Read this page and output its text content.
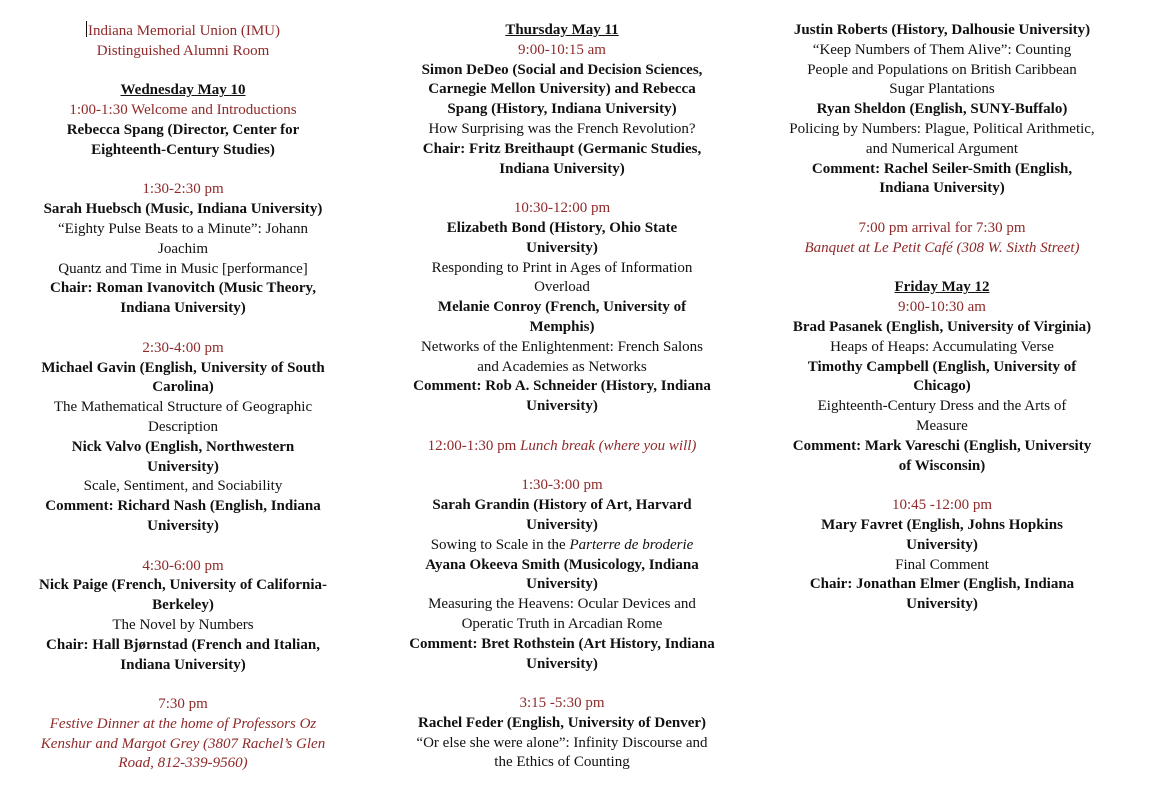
Indiana Memorial Union (IMU)
Distinguished Alumni Room
Wednesday May 10
1:00-1:30 Welcome and Introductions
Rebecca Spang (Director, Center for
Eighteenth-Century Studies)
1:30-2:30 pm
Sarah Huebsch (Music, Indiana University)
“Eighty Pulse Beats to a Minute”: Johann Joachim
Quantz and Time in Music [performance]
Chair: Roman Ivanovitch (Music Theory,
Indiana University)
2:30-4:00 pm
Michael Gavin (English, University of South
Carolina)
The Mathematical Structure of Geographic
Description
Nick Valvo (English, Northwestern University)
Scale, Sentiment, and Sociability
Comment: Richard Nash (English, Indiana
University)
4:30-6:00 pm
Nick Paige (French, University of California-
Berkeley)
The Novel by Numbers
Chair: Hall Bjørnstad (French and Italian,
Indiana University)
7:30 pm
Festive Dinner at the home of Professors Oz
Kenshur and Margot Grey (3807 Rachel’s Glen
Road, 812-339-9560)
Thursday May 11
9:00-10:15 am
Simon DeDeo (Social and Decision Sciences,
Carnegie Mellon University) and Rebecca
Spang (History, Indiana University)
How Surprising was the French Revolution?
Chair: Fritz Breithaupt (Germanic Studies,
Indiana University)
10:30-12:00 pm
Elizabeth Bond (History, Ohio State
University)
Responding to Print in Ages of Information
Overload
Melanie Conroy (French, University of
Memphis)
Networks of the Enlightenment: French Salons
and Academies as Networks
Comment: Rob A. Schneider (History, Indiana
University)
12:00-1:30 pm Lunch break (where you will)
1:30-3:00 pm
Sarah Grandin (History of Art, Harvard
University)
Sowing to Scale in the Parterre de broderie
Ayana Okeeva Smith (Musicology, Indiana
University)
Measuring the Heavens: Ocular Devices and
Operatic Truth in Arcadian Rome
Comment: Bret Rothstein (Art History, Indiana
University)
3:15 -5:30 pm
Rachel Feder (English, University of Denver)
“Or else she were alone”: Infinity Discourse and
the Ethics of Counting
Justin Roberts (History, Dalhousie University)
“Keep Numbers of Them Alive”: Counting
People and Populations on British Caribbean
Sugar Plantations
Ryan Sheldon (English, SUNY-Buffalo)
Policing by Numbers: Plague, Political Arithmetic,
and Numerical Argument
Comment: Rachel Seiler-Smith (English,
Indiana University)
7:00 pm arrival for 7:30 pm
Banquet at Le Petit Café (308 W. Sixth Street)
Friday May 12
9:00-10:30 am
Brad Pasanek (English, University of Virginia)
Heaps of Heaps: Accumulating Verse
Timothy Campbell (English, University of
Chicago)
Eighteenth-Century Dress and the Arts of
Measure
Comment: Mark Vareschi (English, University
of Wisconsin)
10:45 -12:00 pm
Mary Favret (English, Johns Hopkins
University)
Final Comment
Chair: Jonathan Elmer (English, Indiana
University)
